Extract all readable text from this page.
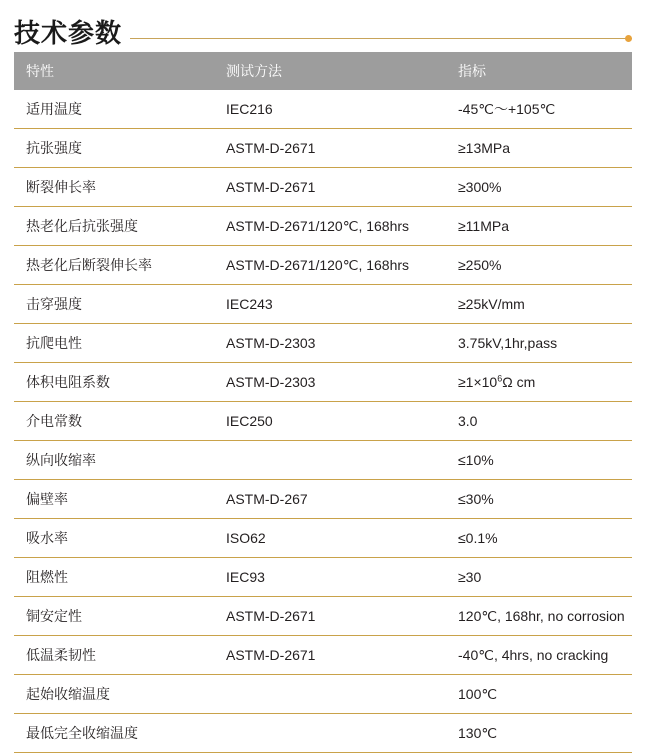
技术参数
特性	测试方法	指标
适用温度	IEC216	-45℃～+105℃
抗张强度	ASTM-D-2671	≥13MPa
断裂伸长率	ASTM-D-2671	≥300%
热老化后抗张强度	ASTM-D-2671/120℃, 168hrs	≥11MPa
热老化后断裂伸长率	ASTM-D-2671/120℃, 168hrs	≥250%
击穿强度	IEC243	≥25kV/mm
抗爬电性	ASTM-D-2303	3.75kV,1hr,pass
体积电阻系数	ASTM-D-2303	$\ge 1\times 10^6\Omega$ cm
介电常数	IEC250	3.0
纵向收缩率		≤10%
偏壁率	ASTM-D-267	≤30%
吸水率	ISO62	≤0.1%
阻燃性	IEC93	≥30
铜安定性	ASTM-D-2671	120℃, 168hr, no corrosion
低温柔韧性	ASTM-D-2671	-40℃, 4hrs, no cracking
起始收缩温度		100℃
最低完全收缩温度		130℃
